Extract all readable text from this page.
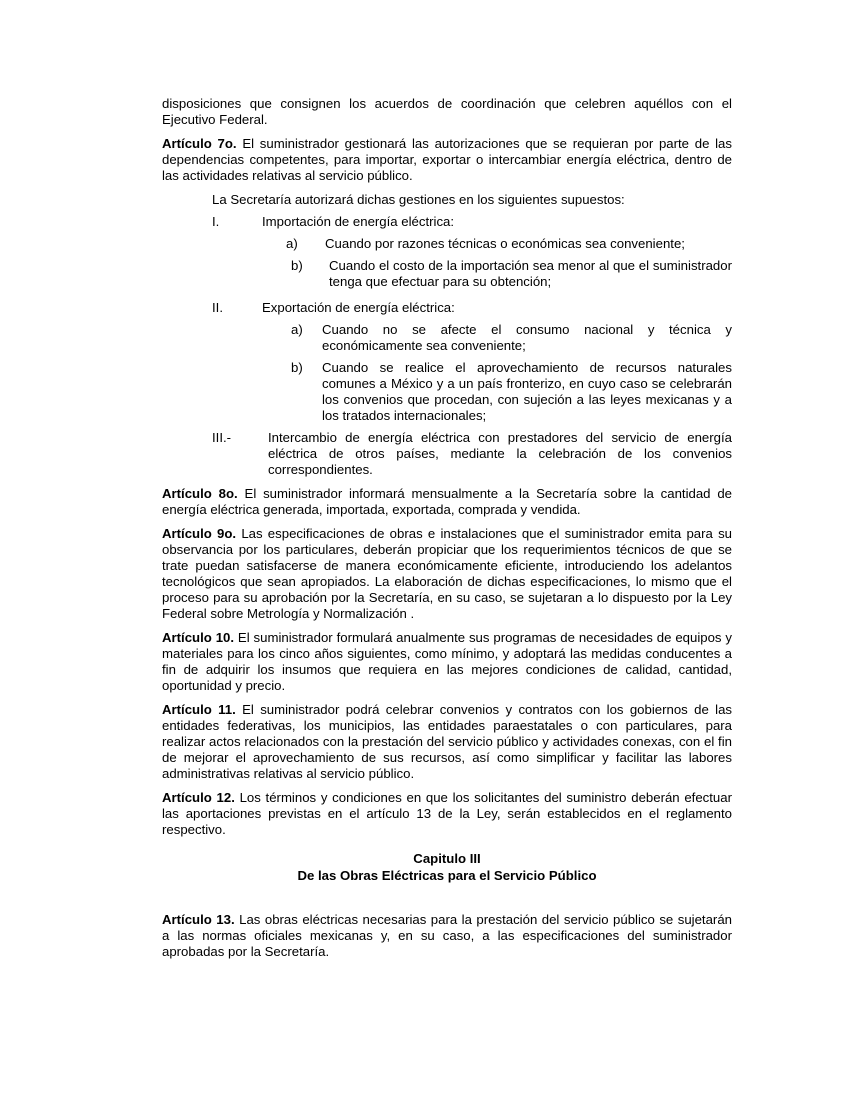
disposiciones que consignen los acuerdos de coordinación que celebren aquéllos con el Ejecutivo Federal.

Artículo 7o. El suministrador gestionará las autorizaciones que se requieran por parte de las dependencias competentes, para importar, exportar o intercambiar energía eléctrica, dentro de las actividades relativas al servicio público.

La Secretaría autorizará dichas gestiones en los siguientes supuestos:

I.	Importación de energía eléctrica:
a) Cuando por razones técnicas o económicas sea conveniente;
b) Cuando el costo de la importación sea menor al que el suministrador tenga que efectuar para su obtención;
II.	Exportación de energía eléctrica:
a) Cuando no se afecte el consumo nacional y técnica y económicamente sea conveniente;
b) Cuando se realice el aprovechamiento de recursos naturales comunes a México y a un país fronterizo, en cuyo caso se celebrarán los convenios que procedan, con sujeción a las leyes mexicanas y a los tratados internacionales;
III.-	Intercambio de energía eléctrica con prestadores del servicio de energía eléctrica de otros países, mediante la celebración de los convenios correspondientes.

Artículo 8o. El suministrador informará mensualmente a la Secretaría sobre la cantidad de energía eléctrica generada, importada, exportada, comprada y vendida.

Artículo 9o. Las especificaciones de obras e instalaciones que el suministrador emita para su observancia por los particulares, deberán propiciar que los requerimientos técnicos de que se trate puedan satisfacerse de manera económicamente eficiente, introduciendo los adelantos tecnológicos que sean apropiados. La elaboración de dichas especificaciones, lo mismo que el proceso para su aprobación por la Secretaría, en su caso, se sujetaran a lo dispuesto por la Ley Federal sobre Metrología y Normalización .

Artículo 10. El suministrador formulará anualmente sus programas de necesidades de equipos y materiales para los cinco años siguientes, como mínimo, y adoptará las medidas conducentes a fin de adquirir los insumos que requiera en las mejores condiciones de calidad, cantidad, oportunidad y precio.

Artículo 11. El suministrador podrá celebrar convenios y contratos con los gobiernos de las entidades federativas, los municipios, las entidades paraestatales o con particulares, para realizar actos relacionados con la prestación del servicio público y actividades conexas, con el fin de mejorar el aprovechamiento de sus recursos, así como simplificar y facilitar las labores administrativas relativas al servicio público.

Artículo 12. Los términos y condiciones en que los solicitantes del suministro deberán efectuar las aportaciones previstas en el artículo 13 de la Ley, serán establecidos en el reglamento respectivo.

Capitulo III
De las Obras Eléctricas para el Servicio Público

Artículo 13. Las obras eléctricas necesarias para la prestación del servicio público se sujetarán a las normas oficiales mexicanas y, en su caso, a las especificaciones del suministrador aprobadas por la Secretaría.
